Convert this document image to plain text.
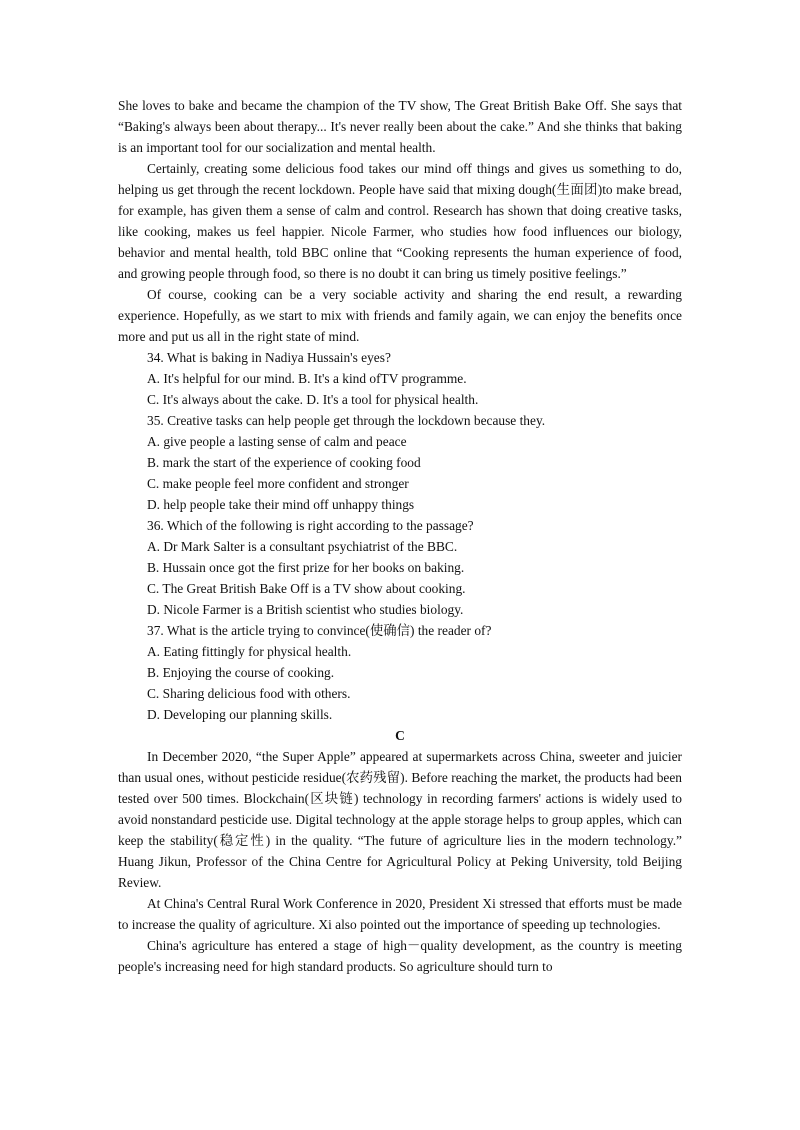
She loves to bake and became the champion of the TV show, The Great British Bake Off. She says that “Baking's always been about therapy... It's never really been about the cake.” And she thinks that baking is an important tool for our socialization and mental health.

Certainly, creating some delicious food takes our mind off things and gives us something to do, helping us get through the recent lockdown. People have said that mixing dough(生面团)to make bread, for example, has given them a sense of calm and control. Research has shown that doing creative tasks, like cooking, makes us feel happier. Nicole Farmer, who studies how food influences our biology, behavior and mental health, told BBC online that “Cooking represents the human experience of food, and growing people through food, so there is no doubt it can bring us timely positive feelings.”

Of course, cooking can be a very sociable activity and sharing the end result, a rewarding experience. Hopefully, as we start to mix with friends and family again, we can enjoy the benefits once more and put us all in the right state of mind.

34. What is baking in Nadiya Hussain's eyes?

A. It's helpful for our mind. B. It's a kind ofTV programme.

C. It's always about the cake. D. It's a tool for physical health.

35. Creative tasks can help people get through the lockdown because they.

A. give people a lasting sense of calm and peace

B. mark the start of the experience of cooking food

C. make people feel more confident and stronger

D. help people take their mind off unhappy things

36. Which of the following is right according to the passage?

A. Dr Mark Salter is a consultant psychiatrist of the BBC.

B. Hussain once got the first prize for her books on baking.

C. The Great British Bake Off is a TV show about cooking.

D. Nicole Farmer is a British scientist who studies biology.

37. What is the article trying to convince(使确信) the reader of?

A. Eating fittingly for physical health.

B. Enjoying the course of cooking.

C. Sharing delicious food with others.

D. Developing our planning skills.

C

In December 2020, “the Super Apple” appeared at supermarkets across China, sweeter and juicier than usual ones, without pesticide residue(农药残留). Before reaching the market, the products had been tested over 500 times. Blockchain(区块链) technology in recording farmers' actions is widely used to avoid nonstandard pesticide use. Digital technology at the apple storage helps to group apples, which can keep the stability(稳定性) in the quality. “The future of agriculture lies in the modern technology.” Huang Jikun, Professor of the China Centre for Agricultural Policy at Peking University, told Beijing Review.

At China's Central Rural Work Conference in 2020, President Xi stressed that efforts must be made to increase the quality of agriculture. Xi also pointed out the importance of speeding up technologies.

China's agriculture has entered a stage of high－quality development, as the country is meeting people's increasing need for high standard products. So agriculture should turn to
